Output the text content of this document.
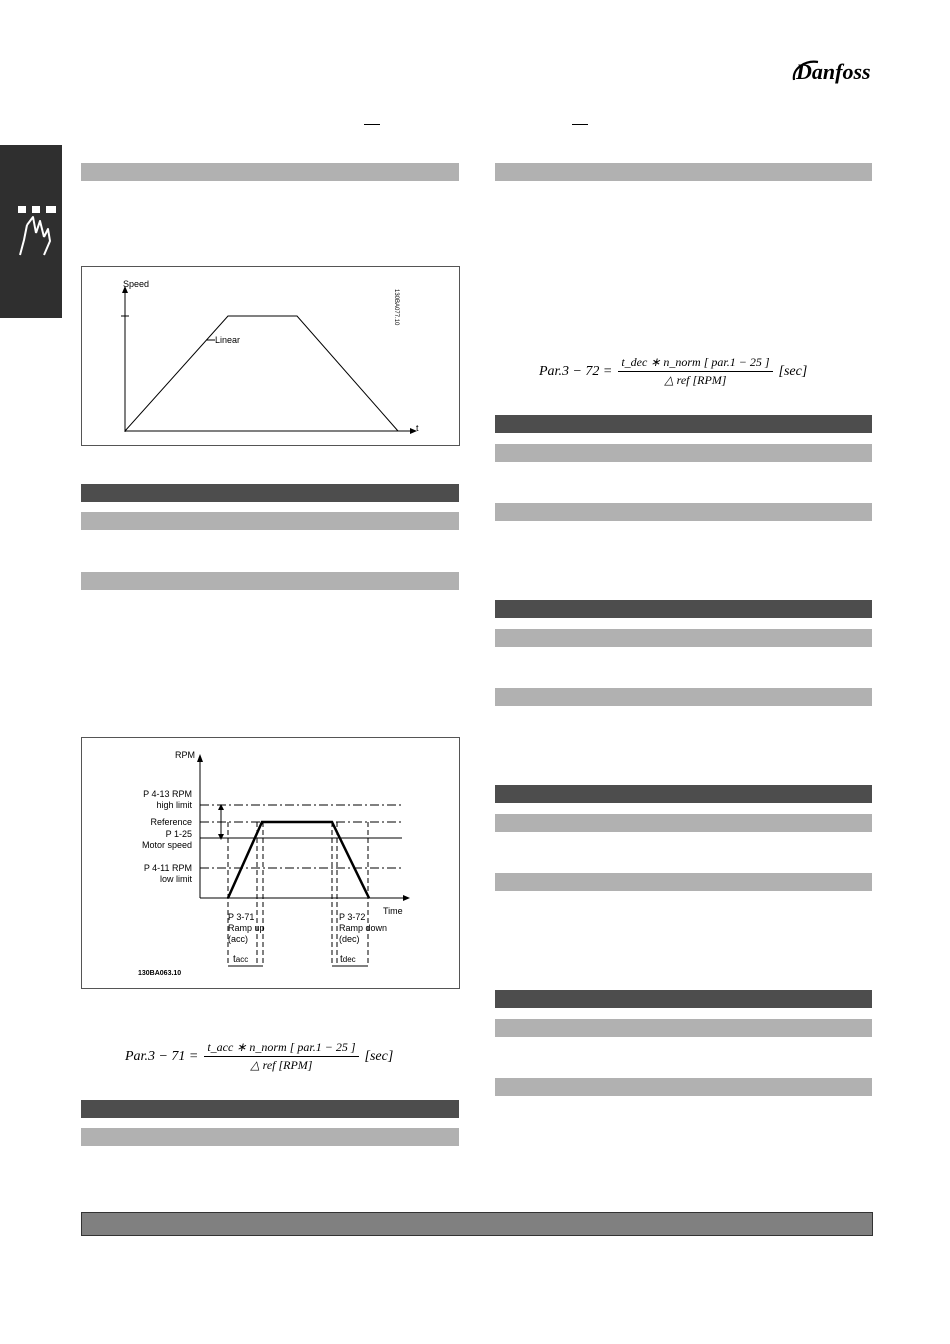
Danfoss
Speed
t
Linear
130BA077.10
RPM
Time
P 4-13 RPM
high limit
Reference
P 1-25
Motor speed
P 4-11 RPM
low limit
P 3-71
Ramp up
(acc)
P 3-72
Ramp down
(dec)
tacc	tdec
130BA063.10
$Par.3 - 71 = \frac{\text{t\_acc ∗ n\_norm [ par.1 − 25 ]}}{\text{△ ref [RPM]}} [\sec]$
$Par.3 - 72 = \frac{\text{t\_dec ∗ n\_norm [ par.1 − 25 ]}}{\text{△ ref [RPM]}} [\sec]$
